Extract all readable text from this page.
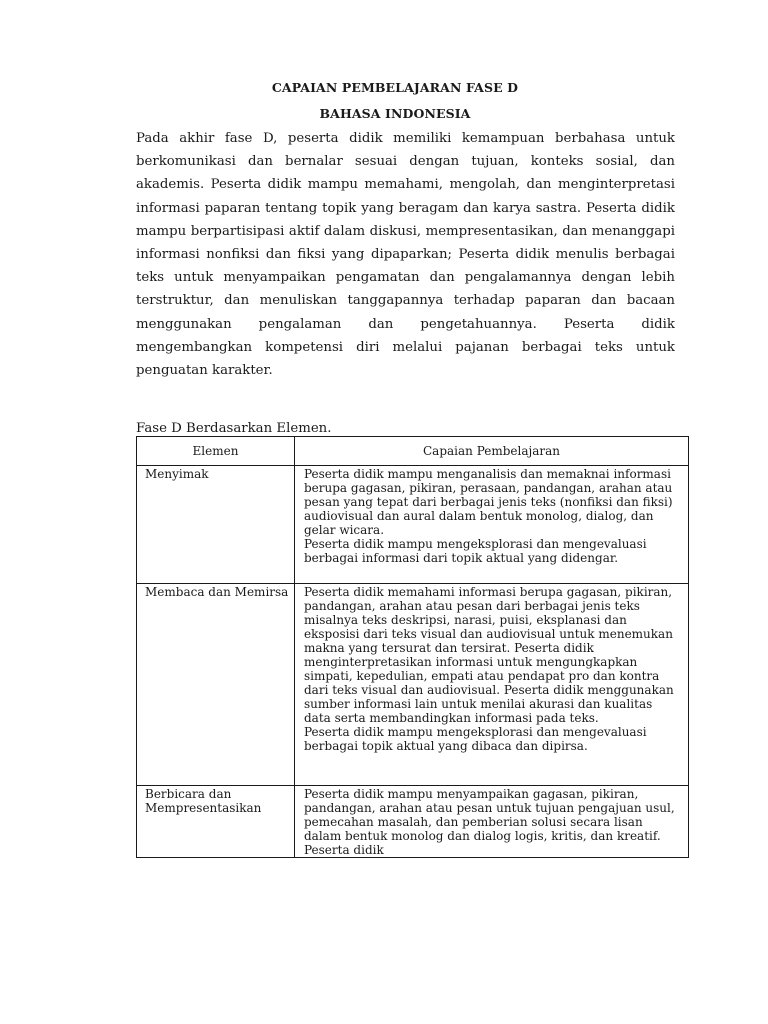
CAPAIAN PEMBELAJARAN FASE D
BAHASA INDONESIA

Pada akhir fase D, peserta didik memiliki kemampuan berbahasa untuk berkomunikasi dan bernalar sesuai dengan tujuan, konteks sosial, dan akademis. Peserta didik mampu memahami, mengolah, dan menginterpretasi informasi paparan tentang topik yang beragam dan karya sastra. Peserta didik mampu berpartisipasi aktif dalam diskusi, mempresentasikan, dan menanggapi informasi nonfiksi dan fiksi yang dipaparkan; Peserta didik menulis berbagai teks untuk menyampaikan pengamatan dan pengalamannya dengan lebih terstruktur, dan menuliskan tanggapannya terhadap paparan dan bacaan menggunakan pengalaman dan pengetahuannya. Peserta didik mengembangkan kompetensi diri melalui pajanan berbagai teks untuk penguatan karakter.

Fase D Berdasarkan Elemen.
Elemen	Capaian Pembelajaran
Menyimak	Peserta didik mampu menganalisis dan memaknai informasi berupa gagasan, pikiran, perasaan, pandangan, arahan atau pesan yang tepat dari berbagai jenis teks (nonfiksi dan fiksi) audiovisual dan aural dalam bentuk monolog, dialog, dan gelar wicara.

Peserta didik mampu mengeksplorasi dan mengevaluasi berbagai informasi dari topik aktual yang didengar.

Membaca dan Memirsa	Peserta didik memahami informasi berupa gagasan, pikiran, pandangan, arahan atau pesan dari berbagai jenis teks misalnya teks deskripsi, narasi, puisi, eksplanasi dan eksposisi dari teks visual dan audiovisual untuk menemukan makna yang tersurat dan tersirat. Peserta didik menginterpretasikan informasi untuk mengungkapkan simpati, kepedulian, empati atau pendapat pro dan kontra dari teks visual dan audiovisual. Peserta didik menggunakan sumber informasi lain untuk menilai akurasi dan kualitas data serta membandingkan informasi pada teks.

Peserta didik mampu mengeksplorasi dan mengevaluasi berbagai topik aktual yang dibaca dan dipirsa.

Berbicara dan Mempresentasikan	Peserta didik mampu menyampaikan gagasan, pikiran, pandangan, arahan atau pesan untuk tujuan pengajuan usul, pemecahan masalah, dan pemberian solusi secara lisan dalam bentuk monolog dan dialog logis, kritis, dan kreatif. Peserta didik
